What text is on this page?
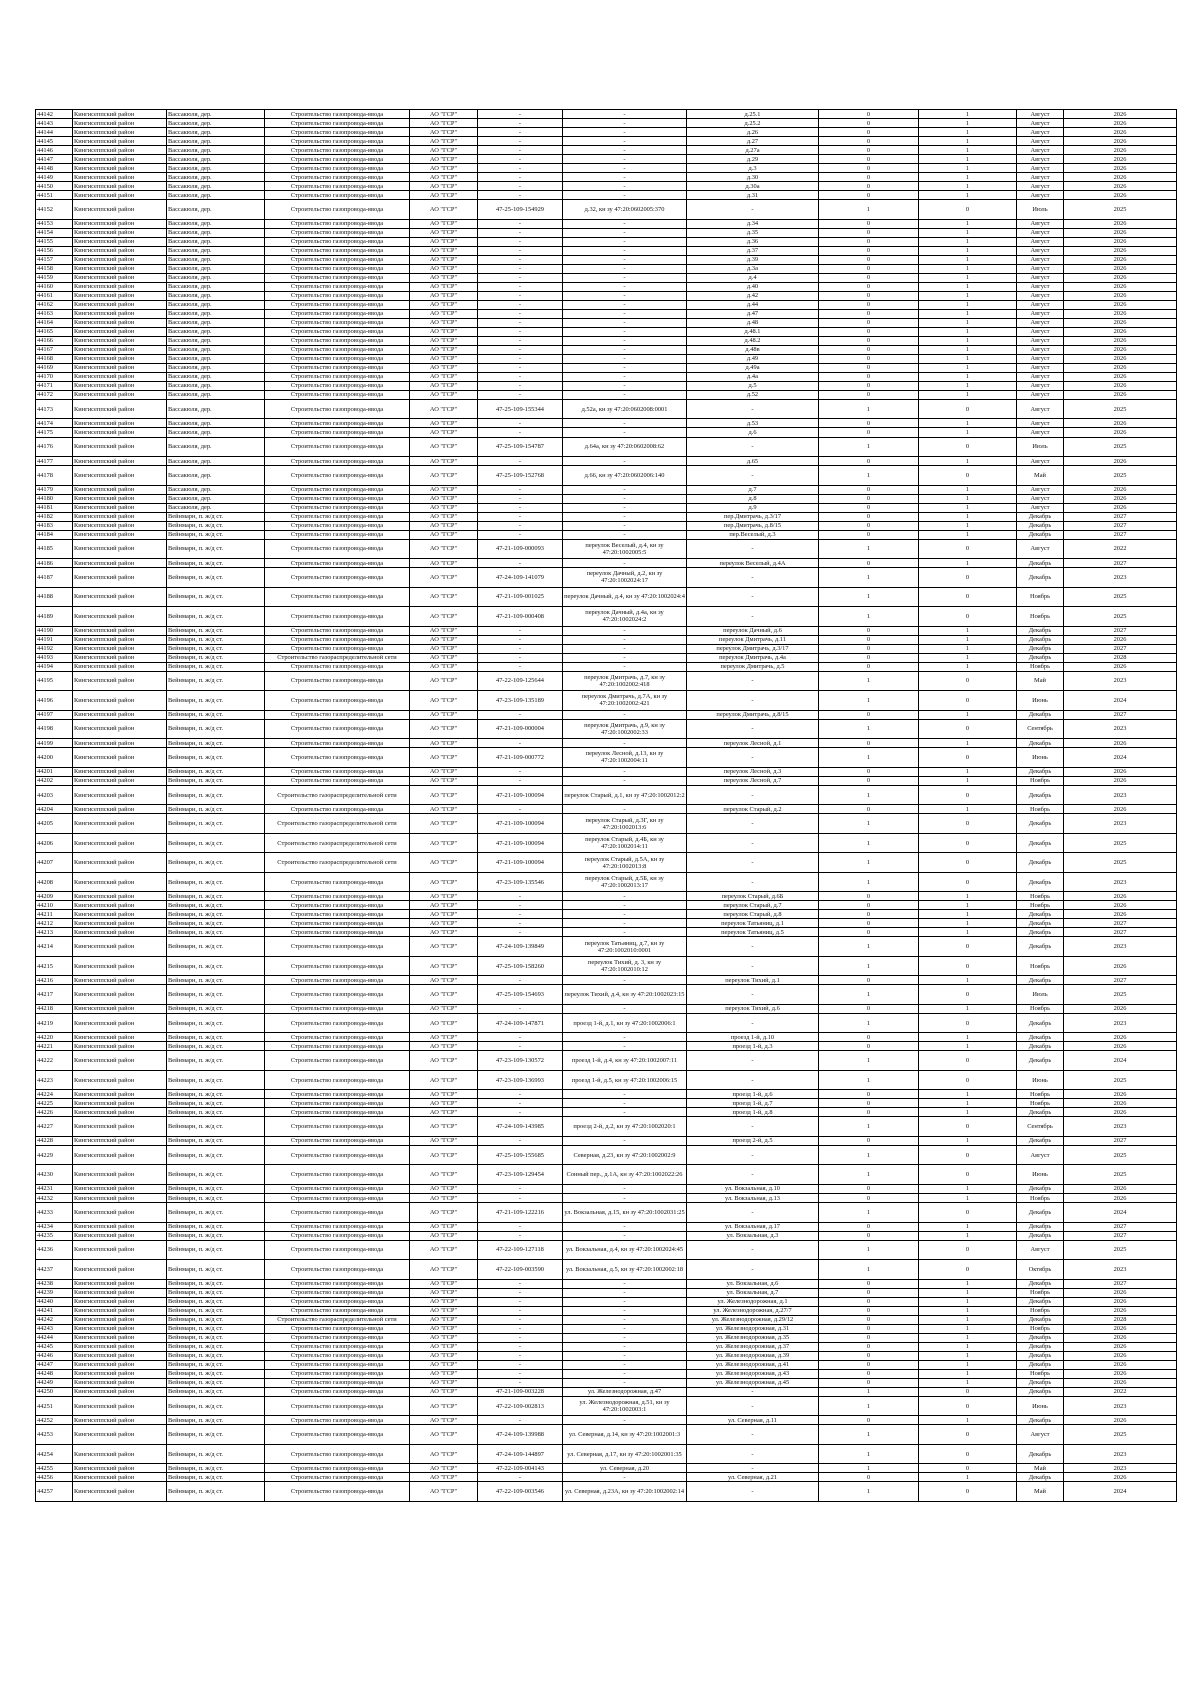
44142	Кингисеппский район	Вассакюля, дер.	Строительство газопровода-ввода	АО "ГСР"	-	-	д.25.1	0	1	Август	2026
44143	Кингисеппский район	Вассакюля, дер.	Строительство газопровода-ввода	АО "ГСР"	-	-	д.25.2	0	1	Август	2026
44144	Кингисеппский район	Вассакюля, дер.	Строительство газопровода-ввода	АО "ГСР"	-	-	д.26	0	1	Август	2026
44145	Кингисеппский район	Вассакюля, дер.	Строительство газопровода-ввода	АО "ГСР"	-	-	д.27	0	1	Август	2026
44146	Кингисеппский район	Вассакюля, дер.	Строительство газопровода-ввода	АО "ГСР"	-	-	д.27а	0	1	Август	2026
44147	Кингисеппский район	Вассакюля, дер.	Строительство газопровода-ввода	АО "ГСР"	-	-	д.29	0	1	Август	2026
44148	Кингисеппский район	Вассакюля, дер.	Строительство газопровода-ввода	АО "ГСР"	-	-	д.3	0	1	Август	2026
44149	Кингисеппский район	Вассакюля, дер.	Строительство газопровода-ввода	АО "ГСР"	-	-	д.30	0	1	Август	2026
44150	Кингисеппский район	Вассакюля, дер.	Строительство газопровода-ввода	АО "ГСР"	-	-	д.30а	0	1	Август	2026
44151	Кингисеппский район	Вассакюля, дер.	Строительство газопровода-ввода	АО "ГСР"	-	-	д.31	0	1	Август	2026
44152	Кингисеппский район	Вассакюля, дер.	Строительство газопровода-ввода	АО "ГСР"	47-25-109-154929	д.32, кн зу 47:20:0602005:370	-	1	0	Июль	2025
44153	Кингисеппский район	Вассакюля, дер.	Строительство газопровода-ввода	АО "ГСР"	-	-	д.34	0	1	Август	2026
44154	Кингисеппский район	Вассакюля, дер.	Строительство газопровода-ввода	АО "ГСР"	-	-	д.35	0	1	Август	2026
44155	Кингисеппский район	Вассакюля, дер.	Строительство газопровода-ввода	АО "ГСР"	-	-	д.36	0	1	Август	2026
44156	Кингисеппский район	Вассакюля, дер.	Строительство газопровода-ввода	АО "ГСР"	-	-	д.37	0	1	Август	2026
44157	Кингисеппский район	Вассакюля, дер.	Строительство газопровода-ввода	АО "ГСР"	-	-	д.39	0	1	Август	2026
44158	Кингисеппский район	Вассакюля, дер.	Строительство газопровода-ввода	АО "ГСР"	-	-	д.3а	0	1	Август	2026
44159	Кингисеппский район	Вассакюля, дер.	Строительство газопровода-ввода	АО "ГСР"	-	-	д.4	0	1	Август	2026
44160	Кингисеппский район	Вассакюля, дер.	Строительство газопровода-ввода	АО "ГСР"	-	-	д.40	0	1	Август	2026
44161	Кингисеппский район	Вассакюля, дер.	Строительство газопровода-ввода	АО "ГСР"	-	-	д.42	0	1	Август	2026
44162	Кингисеппский район	Вассакюля, дер.	Строительство газопровода-ввода	АО "ГСР"	-	-	д.44	0	1	Август	2026
44163	Кингисеппский район	Вассакюля, дер.	Строительство газопровода-ввода	АО "ГСР"	-	-	д.47	0	1	Август	2026
44164	Кингисеппский район	Вассакюля, дер.	Строительство газопровода-ввода	АО "ГСР"	-	-	д.48	0	1	Август	2026
44165	Кингисеппский район	Вассакюля, дер.	Строительство газопровода-ввода	АО "ГСР"	-	-	д.48.1	0	1	Август	2026
44166	Кингисеппский район	Вассакюля, дер.	Строительство газопровода-ввода	АО "ГСР"	-	-	д.48.2	0	1	Август	2026
44167	Кингисеппский район	Вассакюля, дер.	Строительство газопровода-ввода	АО "ГСР"	-	-	д.48в	0	1	Август	2026
44168	Кингисеппский район	Вассакюля, дер.	Строительство газопровода-ввода	АО "ГСР"	-	-	д.49	0	1	Август	2026
44169	Кингисеппский район	Вассакюля, дер.	Строительство газопровода-ввода	АО "ГСР"	-	-	д.49а	0	1	Август	2026
44170	Кингисеппский район	Вассакюля, дер.	Строительство газопровода-ввода	АО "ГСР"	-	-	д.4а	0	1	Август	2026
44171	Кингисеппский район	Вассакюля, дер.	Строительство газопровода-ввода	АО "ГСР"	-	-	д.5	0	1	Август	2026
44172	Кингисеппский район	Вассакюля, дер.	Строительство газопровода-ввода	АО "ГСР"	-	-	д.52	0	1	Август	2026
44173	Кингисеппский район	Вассакюля, дер.	Строительство газопровода-ввода	АО "ГСР"	47-25-109-155344	д.52а, кн зу 47:20:0602008:0001	-	1	0	Август	2025
44174	Кингисеппский район	Вассакюля, дер.	Строительство газопровода-ввода	АО "ГСР"	-	-	д.53	0	1	Август	2026
44175	Кингисеппский район	Вассакюля, дер.	Строительство газопровода-ввода	АО "ГСР"	-	-	д.6	0	1	Август	2026
44176	Кингисеппский район	Вассакюля, дер.	Строительство газопровода-ввода	АО "ГСР"	47-25-109-154787	д.64а, кн зу 47:20:0602008:62	-	1	0	Июль	2025
44177	Кингисеппский район	Вассакюля, дер.	Строительство газопровода-ввода	АО "ГСР"	-	-	д.65	0	1	Август	2026
44178	Кингисеппский район	Вассакюля, дер.	Строительство газопровода-ввода	АО "ГСР"	47-25-109-152768	д.66, кн зу 47:20:0602006:140	-	1	0	Май	2025
44179	Кингисеппский район	Вассакюля, дер.	Строительство газопровода-ввода	АО "ГСР"	-	-	д.7	0	1	Август	2026
44180	Кингисеппский район	Вассакюля, дер.	Строительство газопровода-ввода	АО "ГСР"	-	-	д.8	0	1	Август	2026
44181	Кингисеппский район	Вассакюля, дер.	Строительство газопровода-ввода	АО "ГСР"	-	-	д.9	0	1	Август	2026
44182	Кингисеппский район	Вейнмарн, п. ж/д ст.	Строительство газопровода-ввода	АО "ГСР"	-	-	пер.Дмитрачь, д.3/17	0	1	Декабрь	2027
44183	Кингисеппский район	Вейнмарн, п. ж/д ст.	Строительство газопровода-ввода	АО "ГСР"	-	-	пер.Дмитрачь, д.8/15	0	1	Декабрь	2027
44184	Кингисеппский район	Вейнмарн, п. ж/д ст.	Строительство газопровода-ввода	АО "ГСР"	-	-	пер.Веселый, д.3	0	1	Декабрь	2027
44185	Кингисеппский район	Вейнмарн, п. ж/д ст.	Строительство газопровода-ввода	АО "ГСР"	47-21-109-000093	переулок Веселый, д.4, кн зу 47:20:1002005:5	-	1	0	Август	2022
44186	Кингисеппский район	Вейнмарн, п. ж/д ст.	Строительство газопровода-ввода	АО "ГСР"	-	-	переулок Веселый, д.4А	0	1	Декабрь	2027
44187	Кингисеппский район	Вейнмарн, п. ж/д ст.	Строительство газопровода-ввода	АО "ГСР"	47-24-109-141079	переулок Дачный, д.2, кн зу 47:20:1002024:17	-	1	0	Декабрь	2023
44188	Кингисеппский район	Вейнмарн, п. ж/д ст.	Строительство газопровода-ввода	АО "ГСР"	47-21-109-001025	переулок Дачный, д.4, кн зу 47:20:1002024:4	-	1	0	Ноябрь	2025
44189	Кингисеппский район	Вейнмарн, п. ж/д ст.	Строительство газопровода-ввода	АО "ГСР"	47-21-109-000408	переулок Дачный, д.4а, кн зу 47:20:1002024:2	-	1	0	Ноябрь	2025
44190	Кингисеппский район	Вейнмарн, п. ж/д ст.	Строительство газопровода-ввода	АО "ГСР"	-	-	переулок Дачный, д.6	0	1	Декабрь	2027
44191	Кингисеппский район	Вейнмарн, п. ж/д ст.	Строительство газопровода-ввода	АО "ГСР"	-	-	переулок Дмитрачь, д.11	0	1	Декабрь	2026
44192	Кингисеппский район	Вейнмарн, п. ж/д ст.	Строительство газопровода-ввода	АО "ГСР"	-	-	переулок Дмитрачь, д.3/17	0	1	Декабрь	2027
44193	Кингисеппский район	Вейнмарн, п. ж/д ст.	Строительство газораспределительной сети	АО "ГСР"	-	-	переулок Дмитрачь, д.4а	0	1	Декабрь	2028
44194	Кингисеппский район	Вейнмарн, п. ж/д ст.	Строительство газопровода-ввода	АО "ГСР"	-	-	переулок Дмитрачь, д.5	0	1	Ноябрь	2026
44195	Кингисеппский район	Вейнмарн, п. ж/д ст.	Строительство газопровода-ввода	АО "ГСР"	47-22-109-125644	переулок Дмитрачь, д.7, кн зу 47:20:1002002:418	-	1	0	Май	2023
44196	Кингисеппский район	Вейнмарн, п. ж/д ст.	Строительство газопровода-ввода	АО "ГСР"	47-23-109-135189	переулок Дмитрачь, д.7А, кн зу 47:20:1002002:421	-	1	0	Июнь	2024
44197	Кингисеппский район	Вейнмарн, п. ж/д ст.	Строительство газопровода-ввода	АО "ГСР"	-	-	переулок Дмитрачь, д.8/15	0	1	Декабрь	2027
44198	Кингисеппский район	Вейнмарн, п. ж/д ст.	Строительство газопровода-ввода	АО "ГСР"	47-21-109-000004	переулок Дмитрачь, д.9, кн зу 47:20:1002002:33	-	1	0	Сентябрь	2023
44199	Кингисеппский район	Вейнмарн, п. ж/д ст.	Строительство газопровода-ввода	АО "ГСР"	-	-	переулок Лесной, д.1	0	1	Декабрь	2026
44200	Кингисеппский район	Вейнмарн, п. ж/д ст.	Строительство газопровода-ввода	АО "ГСР"	47-21-109-000772	переулок Лесной, д.13, кн зу 47:20:1002004:11	-	1	0	Июнь	2024
44201	Кингисеппский район	Вейнмарн, п. ж/д ст.	Строительство газопровода-ввода	АО "ГСР"	-	-	переулок Лесной, д.3	0	1	Декабрь	2026
44202	Кингисеппский район	Вейнмарн, п. ж/д ст.	Строительство газопровода-ввода	АО "ГСР"	-	-	переулок Лесной, д.7	0	1	Ноябрь	2026
44203	Кингисеппский район	Вейнмарн, п. ж/д ст.	Строительство газораспределительной сети	АО "ГСР"	47-21-109-100094	переулок Старый, д.1, кн зу 47:20:1002012:2	-	1	0	Декабрь	2023
44204	Кингисеппский район	Вейнмарн, п. ж/д ст.	Строительство газопровода-ввода	АО "ГСР"	-	-	переулок Старый, д.2	0	1	Ноябрь	2026
44205	Кингисеппский район	Вейнмарн, п. ж/д ст.	Строительство газораспределительной сети	АО "ГСР"	47-21-109-100094	переулок Старый, д.3Г, кн зу 47:20:1002013:6	-	1	0	Декабрь	2023
44206	Кингисеппский район	Вейнмарн, п. ж/д ст.	Строительство газораспределительной сети	АО "ГСР"	47-21-109-100094	переулок Старый, д.4Б, кн зу 47:20:1002014:11	-	1	0	Декабрь	2025
44207	Кингисеппский район	Вейнмарн, п. ж/д ст.	Строительство газораспределительной сети	АО "ГСР"	47-21-109-100094	переулок Старый, д.5А, кн зу 47:20:1002013:8	-	1	0	Декабрь	2025
44208	Кингисеппский район	Вейнмарн, п. ж/д ст.	Строительство газопровода-ввода	АО "ГСР"	47-23-109-135546	переулок Старый, д.5Б, кн зу 47:20:1002013:17	-	1	0	Декабрь	2023
44209	Кингисеппский район	Вейнмарн, п. ж/д ст.	Строительство газопровода-ввода	АО "ГСР"	-	-	переулок Старый, д.6Б	0	1	Ноябрь	2026
44210	Кингисеппский район	Вейнмарн, п. ж/д ст.	Строительство газопровода-ввода	АО "ГСР"	-	-	переулок Старый, д.7	0	1	Ноябрь	2026
44211	Кингисеппский район	Вейнмарн, п. ж/д ст.	Строительство газопровода-ввода	АО "ГСР"	-	-	переулок Старый, д.8	0	1	Декабрь	2026
44212	Кингисеппский район	Вейнмарн, п. ж/д ст.	Строительство газопровода-ввода	АО "ГСР"	-	-	переулок Татьяниц, д.1	0	1	Декабрь	2027
44213	Кингисеппский район	Вейнмарн, п. ж/д ст.	Строительство газопровода-ввода	АО "ГСР"	-	-	переулок Татьяниц, д.5	0	1	Декабрь	2027
44214	Кингисеппский район	Вейнмарн, п. ж/д ст.	Строительство газопровода-ввода	АО "ГСР"	47-24-109-139849	переулок Татьяниц, д.7, кн зу 47:20:1002010:0001	-	1	0	Декабрь	2023
44215	Кингисеппский район	Вейнмарн, п. ж/д ст.	Строительство газопровода-ввода	АО "ГСР"	47-25-109-158260	переулок Тихий, д. 3, кн зу 47:20:1002010:12	-	1	0	Ноябрь	2026
44216	Кингисеппский район	Вейнмарн, п. ж/д ст.	Строительство газопровода-ввода	АО "ГСР"	-	-	переулок Тихий, д.1	0	1	Декабрь	2027
44217	Кингисеппский район	Вейнмарн, п. ж/д ст.	Строительство газопровода-ввода	АО "ГСР"	47-25-109-154693	переулок Тихий, д.4, кн зу 47:20:1002023:15	-	1	0	Июль	2025
44218	Кингисеппский район	Вейнмарн, п. ж/д ст.	Строительство газопровода-ввода	АО "ГСР"	-	-	переулок Тихий, д.6	0	1	Ноябрь	2026
44219	Кингисеппский район	Вейнмарн, п. ж/д ст.	Строительство газопровода-ввода	АО "ГСР"	47-24-109-147871	проезд 1-й, д.1, кн зу 47:20:1002006:1	-	1	0	Декабрь	2023
44220	Кингисеппский район	Вейнмарн, п. ж/д ст.	Строительство газопровода-ввода	АО "ГСР"	-	-	проезд 1-й, д.10	0	1	Декабрь	2026
44221	Кингисеппский район	Вейнмарн, п. ж/д ст.	Строительство газопровода-ввода	АО "ГСР"	-	-	проезд 1-й, д.3	0	1	Декабрь	2026
44222	Кингисеппский район	Вейнмарн, п. ж/д ст.	Строительство газопровода-ввода	АО "ГСР"	47-23-109-130572	проезд 1-й, д.4, кн зу 47:20:1002007:11	-	1	0	Декабрь	2024
44223	Кингисеппский район	Вейнмарн, п. ж/д ст.	Строительство газопровода-ввода	АО "ГСР"	47-23-109-136993	проезд 1-й, д.5, кн зу 47:20:1002006:15	-	1	0	Июнь	2025
44224	Кингисеппский район	Вейнмарн, п. ж/д ст.	Строительство газопровода-ввода	АО "ГСР"	-	-	проезд 1-й, д.6	0	1	Ноябрь	2026
44225	Кингисеппский район	Вейнмарн, п. ж/д ст.	Строительство газопровода-ввода	АО "ГСР"	-	-	проезд 1-й, д.7	0	1	Ноябрь	2026
44226	Кингисеппский район	Вейнмарн, п. ж/д ст.	Строительство газопровода-ввода	АО "ГСР"	-	-	проезд 1-й, д.8	0	1	Декабрь	2026
44227	Кингисеппский район	Вейнмарн, п. ж/д ст.	Строительство газопровода-ввода	АО "ГСР"	47-24-109-143985	проезд 2-й, д.2, кн зу 47:20:1002020:1	-	1	0	Сентябрь	2023
44228	Кингисеппский район	Вейнмарн, п. ж/д ст.	Строительство газопровода-ввода	АО "ГСР"	-	-	проезд 2-й, д.5	0	1	Декабрь	2027
44229	Кингисеппский район	Вейнмарн, п. ж/д ст.	Строительство газопровода-ввода	АО "ГСР"	47-25-109-155685	Северная, д.23, кн зу 47:20:1002002:9	-	1	0	Август	2025
44230	Кингисеппский район	Вейнмарн, п. ж/д ст.	Строительство газопровода-ввода	АО "ГСР"	47-23-109-129454	Сонный пер., д.1А, кн зу 47:20:1002022:26	-	1	0	Июнь	2025
44231	Кингисеппский район	Вейнмарн, п. ж/д ст.	Строительство газопровода-ввода	АО "ГСР"	-	-	ул. Вокзальная, д.10	0	1	Декабрь	2026
44232	Кингисеппский район	Вейнмарн, п. ж/д ст.	Строительство газопровода-ввода	АО "ГСР"	-	-	ул. Вокзальная, д.13	0	1	Ноябрь	2026
44233	Кингисеппский район	Вейнмарн, п. ж/д ст.	Строительство газопровода-ввода	АО "ГСР"	47-21-109-122216	ул. Вокзальная, д.15, кн зу 47:20:1002031:25	-	1	0	Декабрь	2024
44234	Кингисеппский район	Вейнмарн, п. ж/д ст.	Строительство газопровода-ввода	АО "ГСР"	-	-	ул. Вокзальная, д.17	0	1	Декабрь	2027
44235	Кингисеппский район	Вейнмарн, п. ж/д ст.	Строительство газопровода-ввода	АО "ГСР"	-	-	ул. Вокзальная, д.3	0	1	Декабрь	2027
44236	Кингисеппский район	Вейнмарн, п. ж/д ст.	Строительство газопровода-ввода	АО "ГСР"	47-22-109-127118	ул. Вокзальная, д.4, кн зу 47:20:1002024:45	-	1	0	Август	2025
44237	Кингисеппский район	Вейнмарн, п. ж/д ст.	Строительство газопровода-ввода	АО "ГСР"	47-22-109-003590	ул. Вокзальная, д.5, кн зу 47:20:1002002:18	-	1	0	Октябрь	2023
44238	Кингисеппский район	Вейнмарн, п. ж/д ст.	Строительство газопровода-ввода	АО "ГСР"	-	-	ул. Вокзальная, д.6	0	1	Декабрь	2027
44239	Кингисеппский район	Вейнмарн, п. ж/д ст.	Строительство газопровода-ввода	АО "ГСР"	-	-	ул. Вокзальная, д.7	0	1	Ноябрь	2026
44240	Кингисеппский район	Вейнмарн, п. ж/д ст.	Строительство газопровода-ввода	АО "ГСР"	-	-	ул. Железнодорожная, д.1	0	1	Декабрь	2026
44241	Кингисеппский район	Вейнмарн, п. ж/д ст.	Строительство газопровода-ввода	АО "ГСР"	-	-	ул. Железнодорожная, д.27/7	0	1	Ноябрь	2026
44242	Кингисеппский район	Вейнмарн, п. ж/д ст.	Строительство газораспределительной сети	АО "ГСР"	-	-	ул. Железнодорожная, д.29/12	0	1	Декабрь	2028
44243	Кингисеппский район	Вейнмарн, п. ж/д ст.	Строительство газопровода-ввода	АО "ГСР"	-	-	ул. Железнодорожная, д.31	0	1	Ноябрь	2026
44244	Кингисеппский район	Вейнмарн, п. ж/д ст.	Строительство газопровода-ввода	АО "ГСР"	-	-	ул. Железнодорожная, д.35	0	1	Декабрь	2026
44245	Кингисеппский район	Вейнмарн, п. ж/д ст.	Строительство газопровода-ввода	АО "ГСР"	-	-	ул. Железнодорожная, д.37	0	1	Декабрь	2026
44246	Кингисеппский район	Вейнмарн, п. ж/д ст.	Строительство газопровода-ввода	АО "ГСР"	-	-	ул. Железнодорожная, д.39	0	1	Декабрь	2026
44247	Кингисеппский район	Вейнмарн, п. ж/д ст.	Строительство газопровода-ввода	АО "ГСР"	-	-	ул. Железнодорожная, д.41	0	1	Декабрь	2026
44248	Кингисеппский район	Вейнмарн, п. ж/д ст.	Строительство газопровода-ввода	АО "ГСР"	-	-	ул. Железнодорожная, д.43	0	1	Ноябрь	2026
44249	Кингисеппский район	Вейнмарн, п. ж/д ст.	Строительство газопровода-ввода	АО "ГСР"	-	-	ул. Железнодорожная, д.45	0	1	Декабрь	2026
44250	Кингисеппский район	Вейнмарн, п. ж/д ст.	Строительство газопровода-ввода	АО "ГСР"	47-21-109-003228	ул. Железнодорожная, д.47	-	1	0	Декабрь	2022
44251	Кингисеппский район	Вейнмарн, п. ж/д ст.	Строительство газопровода-ввода	АО "ГСР"	47-22-109-002813	ул. Железнодорожная, д.51, кн зу 47:20:1002003:1	-	1	0	Июнь	2023
44252	Кингисеппский район	Вейнмарн, п. ж/д ст.	Строительство газопровода-ввода	АО "ГСР"	-	-	ул. Северная, д.11	0	1	Декабрь	2026
44253	Кингисеппский район	Вейнмарн, п. ж/д ст.	Строительство газопровода-ввода	АО "ГСР"	47-24-109-139988	ул. Северная, д.14, кн зу 47:20:1002001:3	-	1	0	Август	2025
44254	Кингисеппский район	Вейнмарн, п. ж/д ст.	Строительство газопровода-ввода	АО "ГСР"	47-24-109-144897	ул. Северная, д.17, кн зу 47:20:1002001:35	-	1	0	Декабрь	2023
44255	Кингисеппский район	Вейнмарн, п. ж/д ст.	Строительство газопровода-ввода	АО "ГСР"	47-22-109-004143	ул. Северная, д.20	-	1	0	Май	2023
44256	Кингисеппский район	Вейнмарн, п. ж/д ст.	Строительство газопровода-ввода	АО "ГСР"	-	-	ул. Северная, д.21	0	1	Декабрь	2026
44257	Кингисеппский район	Вейнмарн, п. ж/д ст.	Строительство газопровода-ввода	АО "ГСР"	47-22-109-003546	ул. Северная, д.23А, кн зу 47:20:1002002:14	-	1	0	Май	2024
